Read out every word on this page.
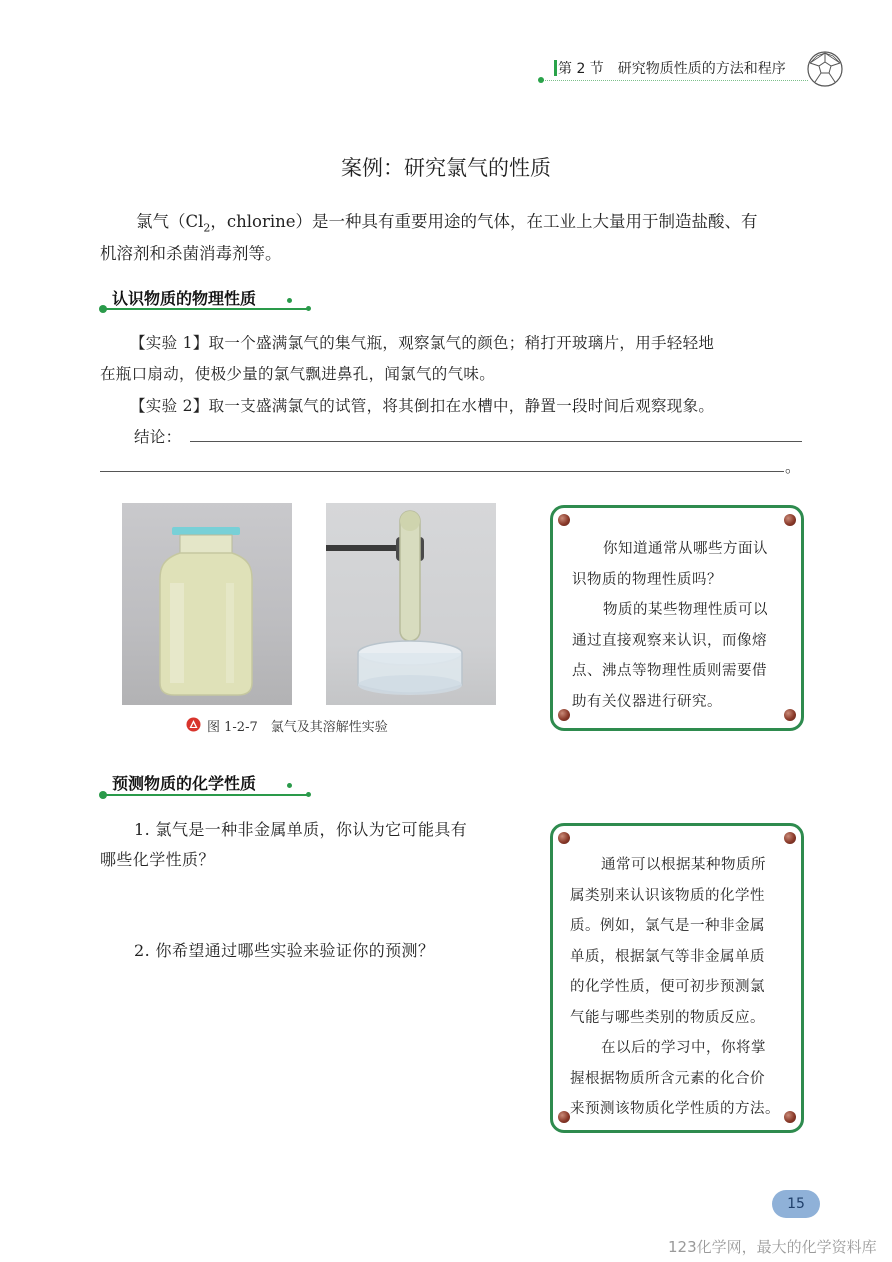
第 2 节　研究物质性质的方法和程序
案例：研究氯气的性质
氯气（$Cl_2$，chlorine）是一种具有重要用途的气体，在工业上大量用于制造盐酸、有
机溶剂和杀菌消毒剂等。
认识物质的物理性质
【实验 1】取一个盛满氯气的集气瓶，观察氯气的颜色；稍打开玻璃片，用手轻轻地
在瓶口扇动，使极少量的氯气飘进鼻孔，闻氯气的气味。
【实验 2】取一支盛满氯气的试管，将其倒扣在水槽中，静置一段时间后观察现象。
结论：
。
图 1-2-7　氯气及其溶解性实验
你知道通常从哪些方面认
识物质的物理性质吗？
物质的某些物理性质可以
通过直接观察来认识，而像熔
点、沸点等物理性质则需要借
助有关仪器进行研究。
预测物质的化学性质
1. 氯气是一种非金属单质，你认为它可能具有
哪些化学性质？
2. 你希望通过哪些实验来验证你的预测？
通常可以根据某种物质所
属类别来认识该物质的化学性
质。例如，氯气是一种非金属
单质，根据氯气等非金属单质
的化学性质，便可初步预测氯
气能与哪些类别的物质反应。
在以后的学习中，你将掌
握根据物质所含元素的化合价
来预测该物质化学性质的方法。
15
123化学网，最大的化学资料库
